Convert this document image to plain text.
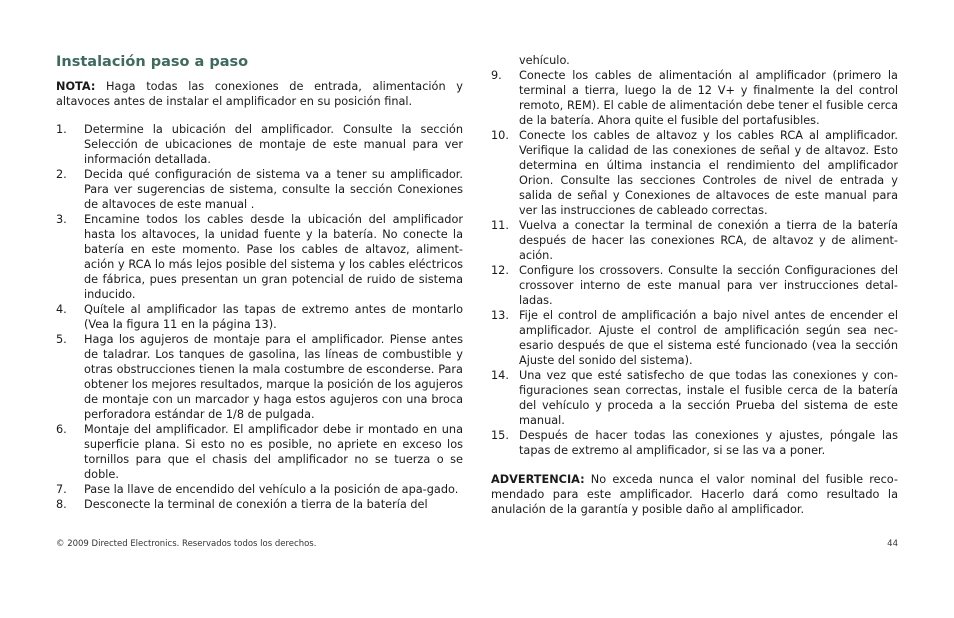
Instalación paso a paso
NOTA: Haga todas las conexiones de entrada, alimentación y altavoces antes de instalar el amplificador en su posición final.
1. Determine la ubicación del amplificador. Consulte la sección Selección de ubicaciones de montaje de este manual para ver información detallada.
2. Decida qué configuración de sistema va a tener su amplificador. Para ver sugerencias de sistema, consulte la sección Conexiones de altavoces de este manual .
3. Encamine todos los cables desde la ubicación del amplificador hasta los altavoces, la unidad fuente y la batería. No conecte la batería en este momento. Pase los cables de altavoz, aliment-ación y RCA lo más lejos posible del sistema y los cables eléctricos de fábrica, pues presentan un gran potencial de ruido de sistema inducido.
4. Quítele al amplificador las tapas de extremo antes de montarlo (Vea la figura 11 en la página 13).
5. Haga los agujeros de montaje para el amplificador. Piense antes de taladrar. Los tanques de gasolina, las líneas de combustible y otras obstrucciones tienen la mala costumbre de esconderse. Para obtener los mejores resultados, marque la posición de los agujeros de montaje con un marcador y haga estos agujeros con una broca perforadora estándar de 1/8 de pulgada.
6. Montaje del amplificador. El amplificador debe ir montado en una superficie plana. Si esto no es posible, no apriete en exceso los tornillos para que el chasis del amplificador no se tuerza o se doble.
7. Pase la llave de encendido del vehículo a la posición de apa-gado.
8. Desconecte la terminal de conexión a tierra de la batería del
vehículo.
9. Conecte los cables de alimentación al amplificador (primero la terminal a tierra, luego la de 12 V+ y finalmente la del control remoto, REM). El cable de alimentación debe tener el fusible cerca de la batería. Ahora quite el fusible del portafusibles.
10. Conecte los cables de altavoz y los cables RCA al amplificador. Verifique la calidad de las conexiones de señal y de altavoz. Esto determina en última instancia el rendimiento del amplificador Orion. Consulte las secciones Controles de nivel de entrada y salida de señal y Conexiones de altavoces de este manual para ver las instrucciones de cableado correctas.
11. Vuelva a conectar la terminal de conexión a tierra de la batería después de hacer las conexiones RCA, de altavoz y de aliment-ación.
12. Configure los crossovers. Consulte la sección Configuraciones del crossover interno de este manual para ver instrucciones detal-ladas.
13. Fije el control de amplificación a bajo nivel antes de encender el amplificador. Ajuste el control de amplificación según sea nec-esario después de que el sistema esté funcionado (vea la sección Ajuste del sonido del sistema).
14. Una vez que esté satisfecho de que todas las conexiones y con-figuraciones sean correctas, instale el fusible cerca de la batería del vehículo y proceda a la sección Prueba del sistema de este manual.
15. Después de hacer todas las conexiones y ajustes, póngale las tapas de extremo al amplificador, si se las va a poner.
ADVERTENCIA: No exceda nunca el valor nominal del fusible reco-mendado para este amplificador. Hacerlo dará como resultado la anulación de la garantía y posible daño al amplificador.
© 2009 Directed Electronics. Reservados todos los derechos.	44
